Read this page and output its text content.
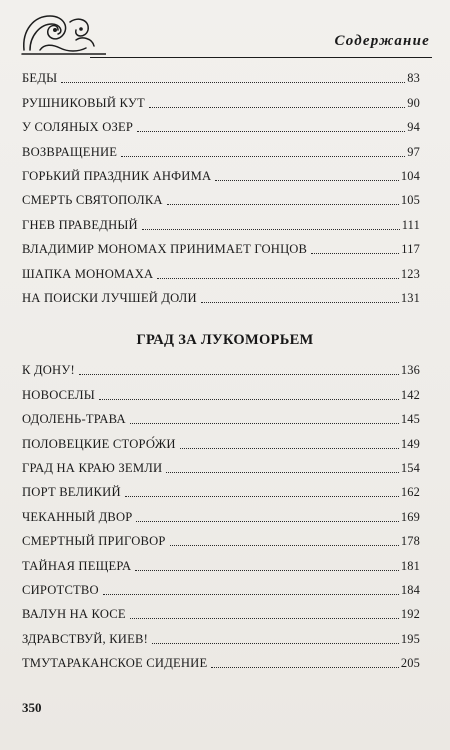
Содержание
БЕДЫ	83
РУШНИКОВЫЙ КУТ	90
У СОЛЯНЫХ ОЗЕР	94
ВОЗВРАЩЕНИЕ	97
ГОРЬКИЙ ПРАЗДНИК АНФИМА	104
СМЕРТЬ СВЯТОПОЛКА	105
ГНЕВ ПРАВЕДНЫЙ	111
ВЛАДИМИР МОНОМАХ ПРИНИМАЕТ ГОНЦОВ	117
ШАПКА МОНОМАХА	123
НА ПОИСКИ ЛУЧШЕЙ ДОЛИ	131
ГРАД ЗА ЛУКОМОРЬЕМ
К ДОНУ!	136
НОВОСЕЛЫ	142
ОДОЛЕНЬ-ТРАВА	145
ПОЛОВЕЦКИЕ СТОРО́ЖИ	149
ГРАД НА КРАЮ ЗЕМЛИ	154
ПОРТ ВЕЛИКИЙ	162
ЧЕКАННЫЙ ДВОР	169
СМЕРТНЫЙ ПРИГОВОР	178
ТАЙНАЯ ПЕЩЕРА	181
СИРОТСТВО	184
ВАЛУН НА КОСЕ	192
ЗДРАВСТВУЙ, КИЕВ!	195
ТМУТАРАКАНСКОЕ СИДЕНИЕ	205
350
